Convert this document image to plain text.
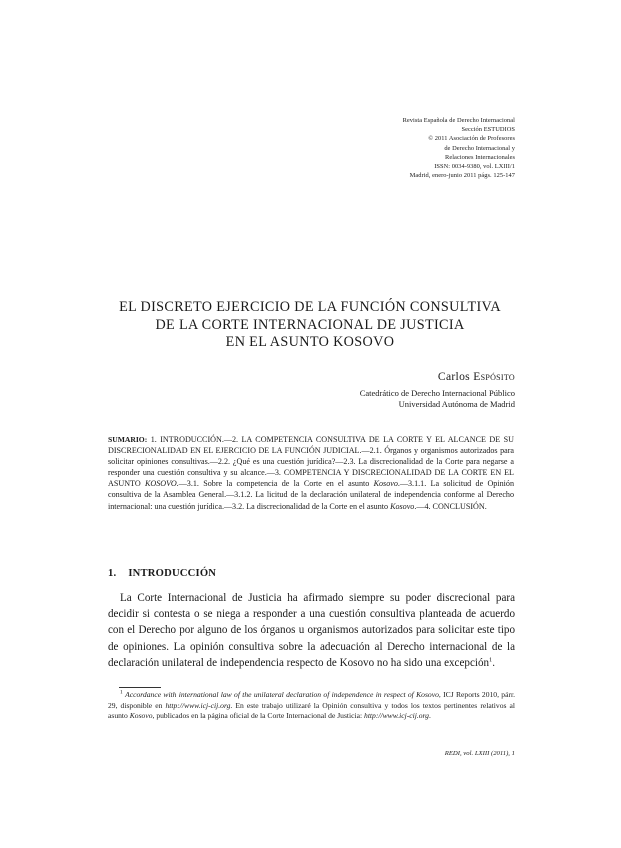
Revista Española de Derecho Internacional
Sección ESTUDIOS
© 2011 Asociación de Profesores
de Derecho Internacional y
Relaciones Internacionales
ISSN: 0034-9380, vol. LXIII/1
Madrid, enero-junio 2011 págs. 125-147
EL DISCRETO EJERCICIO DE LA FUNCIÓN CONSULTIVA
DE LA CORTE INTERNACIONAL DE JUSTICIA
EN EL ASUNTO KOSOVO
Carlos Espósito
Catedrático de Derecho Internacional Público
Universidad Autónoma de Madrid
SUMARIO: 1. INTRODUCCIÓN.—2. LA COMPETENCIA CONSULTIVA DE LA CORTE Y EL ALCANCE DE SU DISCRECIONALIDAD EN EL EJERCICIO DE LA FUNCIÓN JUDICIAL.—2.1. Órganos y organismos autorizados para solicitar opiniones consultivas.—2.2. ¿Qué es una cuestión jurídica?—2.3. La discrecionalidad de la Corte para negarse a responder una cuestión consultiva y su alcance.—3. COMPETENCIA Y DISCRECIONALIDAD DE LA CORTE EN EL ASUNTO KOSOVO.—3.1. Sobre la competencia de la Corte en el asunto Kosovo.—3.1.1. La solicitud de Opinión consultiva de la Asamblea General.—3.1.2. La licitud de la declaración unilateral de independencia conforme al Derecho internacional: una cuestión jurídica.—3.2. La discrecionalidad de la Corte en el asunto Kosovo.—4. CONCLUSIÓN.
1. INTRODUCCIÓN
La Corte Internacional de Justicia ha afirmado siempre su poder discrecional para decidir si contesta o se niega a responder a una cuestión consultiva planteada de acuerdo con el Derecho por alguno de los órganos u organismos autorizados para solicitar este tipo de opiniones. La opinión consultiva sobre la adecuación al Derecho internacional de la declaración unilateral de independencia respecto de Kosovo no ha sido una excepción$^1$.
$^1$ Accordance with international law of the unilateral declaration of independence in respect of Kosovo, ICJ Reports 2010, párr. 29, disponible en http://www.icj-cij.org. En este trabajo utilizaré la Opinión consultiva y todos los textos pertinentes relativos al asunto Kosovo, publicados en la página oficial de la Corte Internacional de Justicia: http://www.icj-cij.org.
REDI, vol. LXIII (2011), 1
